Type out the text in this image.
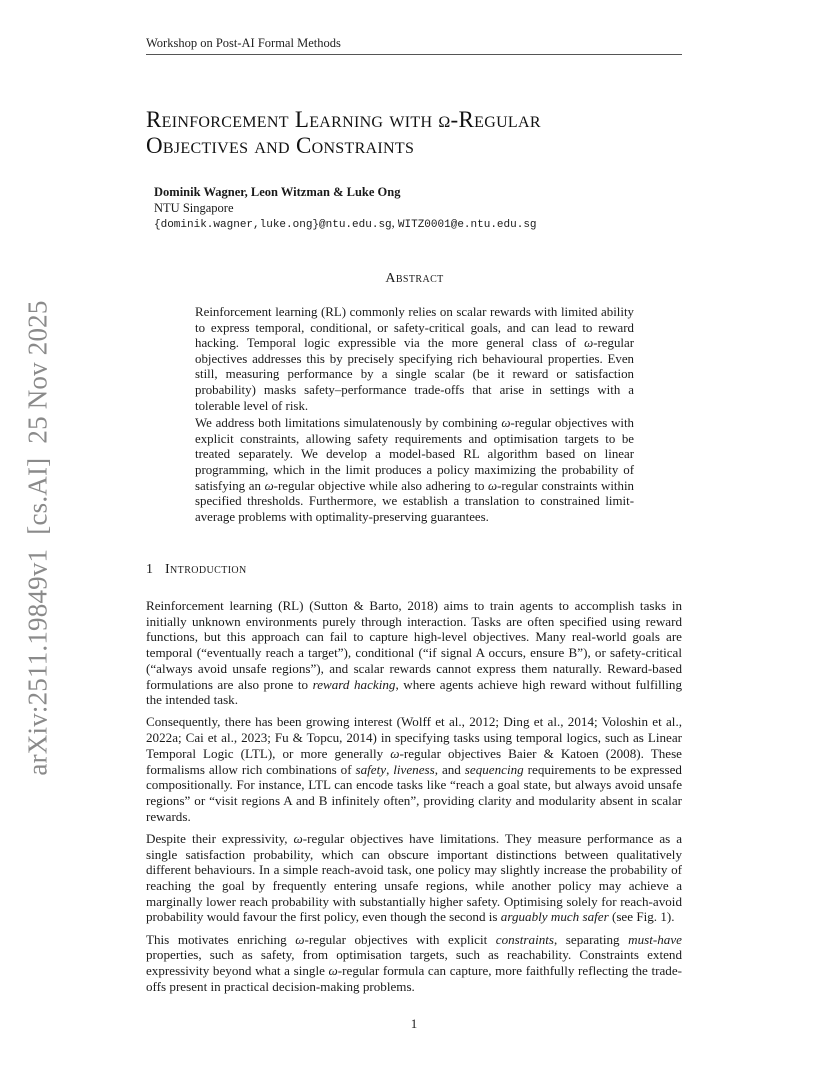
Workshop on Post-AI Formal Methods
arXiv:2511.19849v1[cs.AI]25 Nov 2025
Reinforcement Learning with ω-Regular
Objectives and Constraints
Dominik Wagner, Leon Witzman & Luke Ong
NTU Singapore
{dominik.wagner,luke.ong}@ntu.edu.sg, WITZ0001@e.ntu.edu.sg
Abstract

Reinforcement learning (RL) commonly relies on scalar rewards with limited ability to express temporal, conditional, or safety-critical goals, and can lead to reward hacking. Temporal logic expressible via the more general class of ω-regular objectives addresses this by precisely specifying rich behavioural properties. Even still, measuring performance by a single scalar (be it reward or satisfaction probability) masks safety–performance trade-offs that arise in settings with a tolerable level of risk.

We address both limitations simulatenously by combining ω-regular objectives with explicit constraints, allowing safety requirements and optimisation targets to be treated separately. We develop a model-based RL algorithm based on linear programming, which in the limit produces a policy maximizing the probability of satisfying an ω-regular objective while also adhering to ω-regular constraints within specified thresholds. Furthermore, we establish a translation to constrained limit-average problems with optimality-preserving guarantees.

1 Introduction

Reinforcement learning (RL) (Sutton & Barto, 2018) aims to train agents to accomplish tasks in initially unknown environments purely through interaction. Tasks are often specified using reward functions, but this approach can fail to capture high-level objectives. Many real-world goals are temporal (“eventually reach a target”), conditional (“if signal A occurs, ensure B”), or safety-critical (“always avoid unsafe regions”), and scalar rewards cannot express them naturally. Reward-based formulations are also prone to reward hacking, where agents achieve high reward without fulfilling the intended task.

Consequently, there has been growing interest (Wolff et al., 2012; Ding et al., 2014; Voloshin et al., 2022a; Cai et al., 2023; Fu & Topcu, 2014) in specifying tasks using temporal logics, such as Linear Temporal Logic (LTL), or more generally ω-regular objectives Baier & Katoen (2008). These formalisms allow rich combinations of safety, liveness, and sequencing requirements to be expressed compositionally. For instance, LTL can encode tasks like “reach a goal state, but always avoid unsafe regions” or “visit regions A and B infinitely often”, providing clarity and modularity absent in scalar rewards.

Despite their expressivity, ω-regular objectives have limitations. They measure performance as a single satisfaction probability, which can obscure important distinctions between qualitatively different behaviours. In a simple reach-avoid task, one policy may slightly increase the probability of reaching the goal by frequently entering unsafe regions, while another policy may achieve a marginally lower reach probability with substantially higher safety. Optimising solely for reach-avoid probability would favour the first policy, even though the second is arguably much safer (see Fig. 1).

This motivates enriching ω-regular objectives with explicit constraints, separating must-have properties, such as safety, from optimisation targets, such as reachability. Constraints extend expressivity beyond what a single ω-regular formula can capture, more faithfully reflecting the trade-offs present in practical decision-making problems.

1
